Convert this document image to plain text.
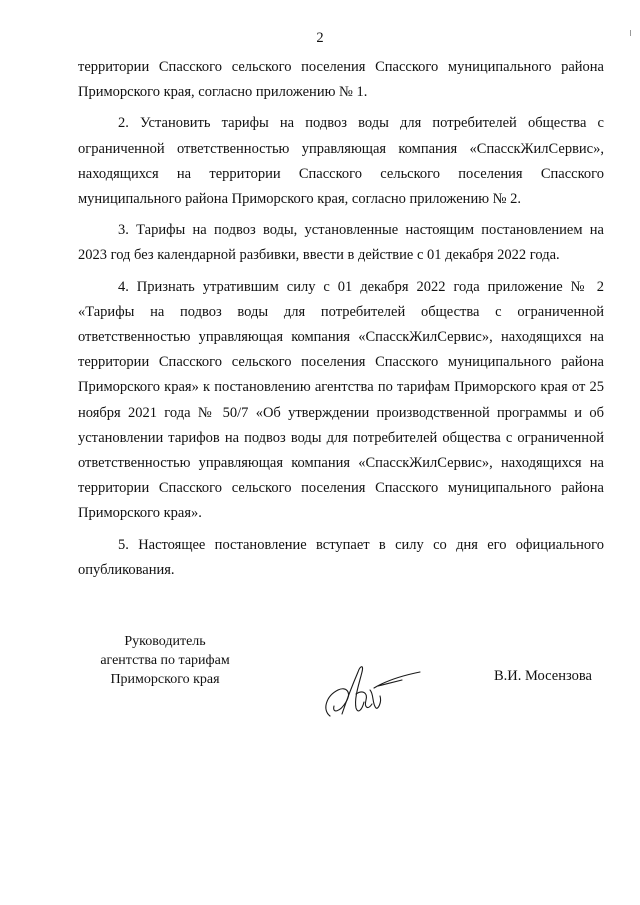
2

территории Спасского сельского поселения Спасского муниципального района Приморского края, согласно приложению № 1.

2. Установить тарифы на подвоз воды для потребителей общества с ограниченной ответственностью управляющая компания «СпасскЖилСервис», находящихся на территории Спасского сельского поселения Спасского муниципального района Приморского края, согласно приложению № 2.

3. Тарифы на подвоз воды, установленные настоящим постановлением на 2023 год без календарной разбивки, ввести в действие с 01 декабря 2022 года.

4. Признать утратившим силу с 01 декабря 2022 года приложение № 2 «Тарифы на подвоз воды для потребителей общества с ограниченной ответственностью управляющая компания «СпасскЖилСервис», находящихся на территории Спасского сельского поселения Спасского муниципального района Приморского края» к постановлению агентства по тарифам Приморского края от 25 ноября 2021 года № 50/7 «Об утверждении производственной программы и об установлении тарифов на подвоз воды для потребителей общества с ограниченной ответственностью управляющая компания «СпасскЖилСервис», находящихся на территории Спасского сельского поселения Спасского муниципального района Приморского края».

5. Настоящее постановление вступает в силу со дня его официального опубликования.

Руководитель
агентства по тарифам
Приморского края	В.И. Мосензова
